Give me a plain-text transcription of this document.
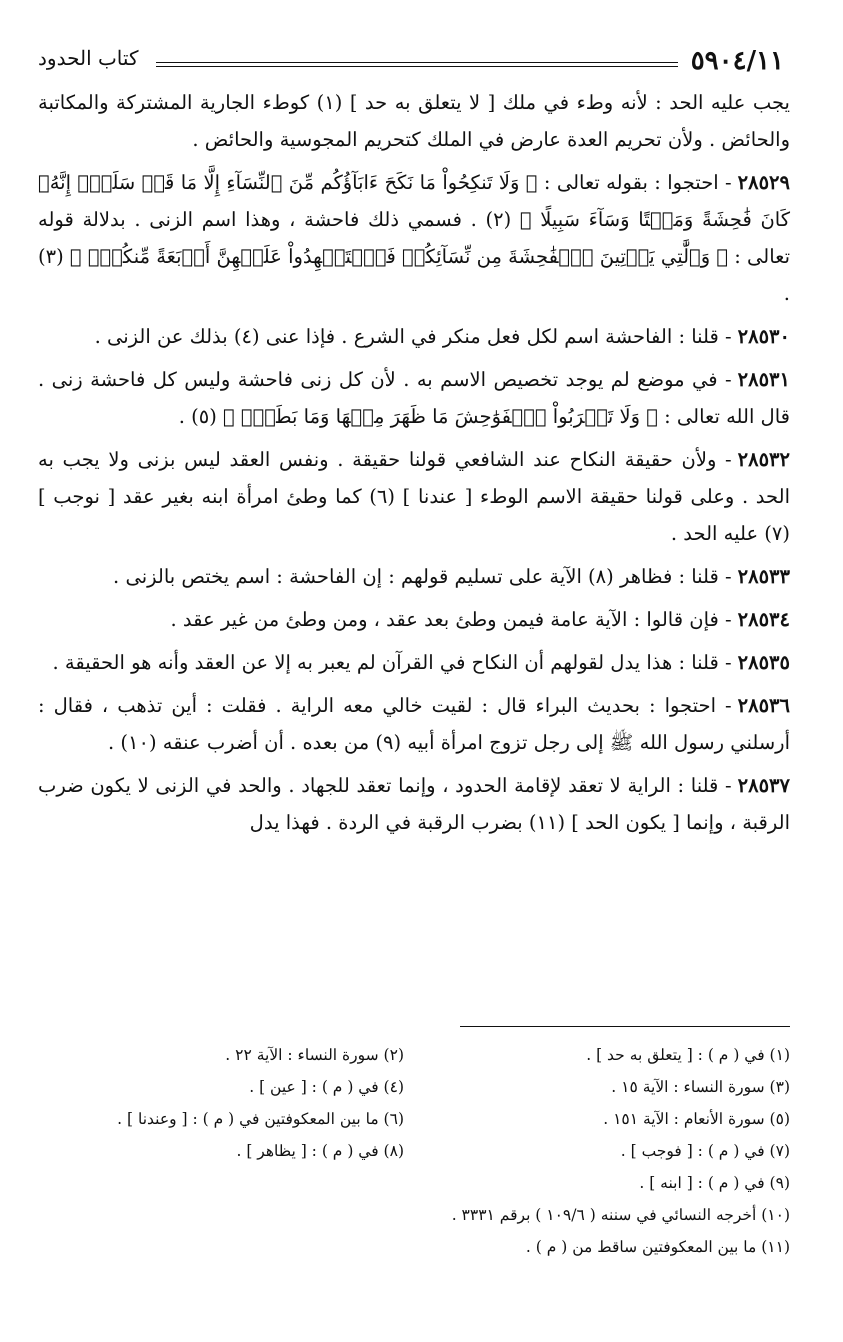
٥٩٠٤/١١
كتاب الحدود

يجب عليه الحد : لأنه وطء في ملك [ لا يتعلق به حد ] (١) كوطء الجارية المشتركة والمكاتبة والحائض . ولأن تحريم العدة عارض في الملك كتحريم المجوسية والحائض .

٢٨٥٢٩- احتجوا : بقوله تعالى : ﴿ وَلَا تَنكِحُواْ مَا نَكَحَ ءَابَآؤُكُم مِّنَ ٱلنِّسَآءِ إِلَّا مَا قَدۡ سَلَفَۚ إِنَّهُۥ كَانَ فَٰحِشَةً وَمَقۡتًا وَسَآءَ سَبِيلًا ﴾ (٢) . فسمي ذلك فاحشة ، وهذا اسم الزنى . بدلالة قوله تعالى : ﴿ وَٱلَّٰتِي يَأۡتِينَ ٱلۡفَٰحِشَةَ مِن نِّسَآئِكُمۡ فَٱسۡتَشۡهِدُواْ عَلَيۡهِنَّ أَرۡبَعَةً مِّنكُمۡۖ ﴾ (٣) .

٢٨٥٣٠- قلنا : الفاحشة اسم لكل فعل منكر في الشرع . فإذا عنى (٤) بذلك عن الزنى .

٢٨٥٣١- في موضع لم يوجد تخصيص الاسم به . لأن كل زنى فاحشة وليس كل فاحشة زنى . قال الله تعالى : ﴿ وَلَا تَقۡرَبُواْ ٱلۡفَوَٰحِشَ مَا ظَهَرَ مِنۡهَا وَمَا بَطَنَۖ ﴾ (٥) .

٢٨٥٣٢- ولأن حقيقة النكاح عند الشافعي قولنا حقيقة . ونفس العقد ليس بزنى ولا يجب به الحد . وعلى قولنا حقيقة الاسم الوطء [ عندنا ] (٦) كما وطئ امرأة ابنه بغير عقد [ نوجب ] (٧) عليه الحد .

٢٨٥٣٣- قلنا : فظاهر (٨) الآية على تسليم قولهم : إن الفاحشة : اسم يختص بالزنى .

٢٨٥٣٤- فإن قالوا : الآية عامة فيمن وطئ بعد عقد ، ومن وطئ من غير عقد .

٢٨٥٣٥- قلنا : هذا يدل لقولهم أن النكاح في القرآن لم يعبر به إلا عن العقد وأنه هو الحقيقة .

٢٨٥٣٦- احتجوا : بحديث البراء قال : لقيت خالي معه الراية . فقلت : أين تذهب ، فقال : أرسلني رسول الله ﷺ إلى رجل تزوج امرأة أبيه (٩) من بعده . أن أضرب عنقه (١٠) .

٢٨٥٣٧- قلنا : الراية لا تعقد لإقامة الحدود ، وإنما تعقد للجهاد . والحد في الزنى لا يكون ضرب الرقبة ، وإنما [ يكون الحد ] (١١) بضرب الرقبة في الردة . فهذا يدل

(١) في ( م ) : [ يتعلق به حد ] .
(٢) سورة النساء : الآية ٢٢ .
(٣) سورة النساء : الآية ١٥ .
(٤) في ( م ) : [ عين ] .
(٥) سورة الأنعام : الآية ١٥١ .
(٦) ما بين المعكوفتين في ( م ) : [ وعندنا ] .
(٧) في ( م ) : [ فوجب ] .
(٨) في ( م ) : [ يظاهر ] .
(٩) في ( م ) : [ ابنه ] .
(١٠) أخرجه النسائي في سننه ( ١٠٩/٦ ) برقم ٣٣٣١ .
(١١) ما بين المعكوفتين ساقط من ( م ) .
